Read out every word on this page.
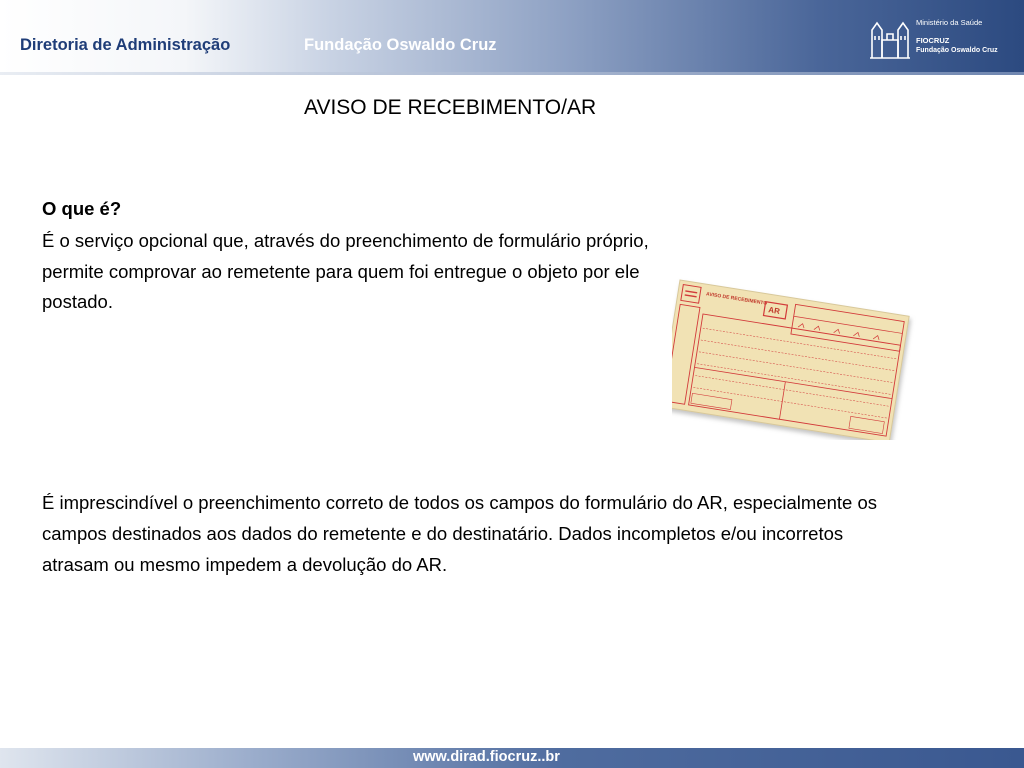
Diretoria de Administração	Fundação Oswaldo Cruz
Ministério da Saúde
FIOCRUZ
Fundação Oswaldo Cruz
AVISO DE RECEBIMENTO/AR
O que é?
É o serviço opcional que, através do preenchimento de formulário próprio, permite comprovar ao remetente para quem foi entregue o objeto por ele postado.	AVISO DE RECEBIMENTO
AR
É imprescindível o preenchimento correto de todos os campos do formulário do AR, especialmente os campos destinados aos dados do remetente e do destinatário. Dados incompletos e/ou incorretos atrasam ou mesmo impedem a devolução do AR.
www.dirad.fiocruz..br
